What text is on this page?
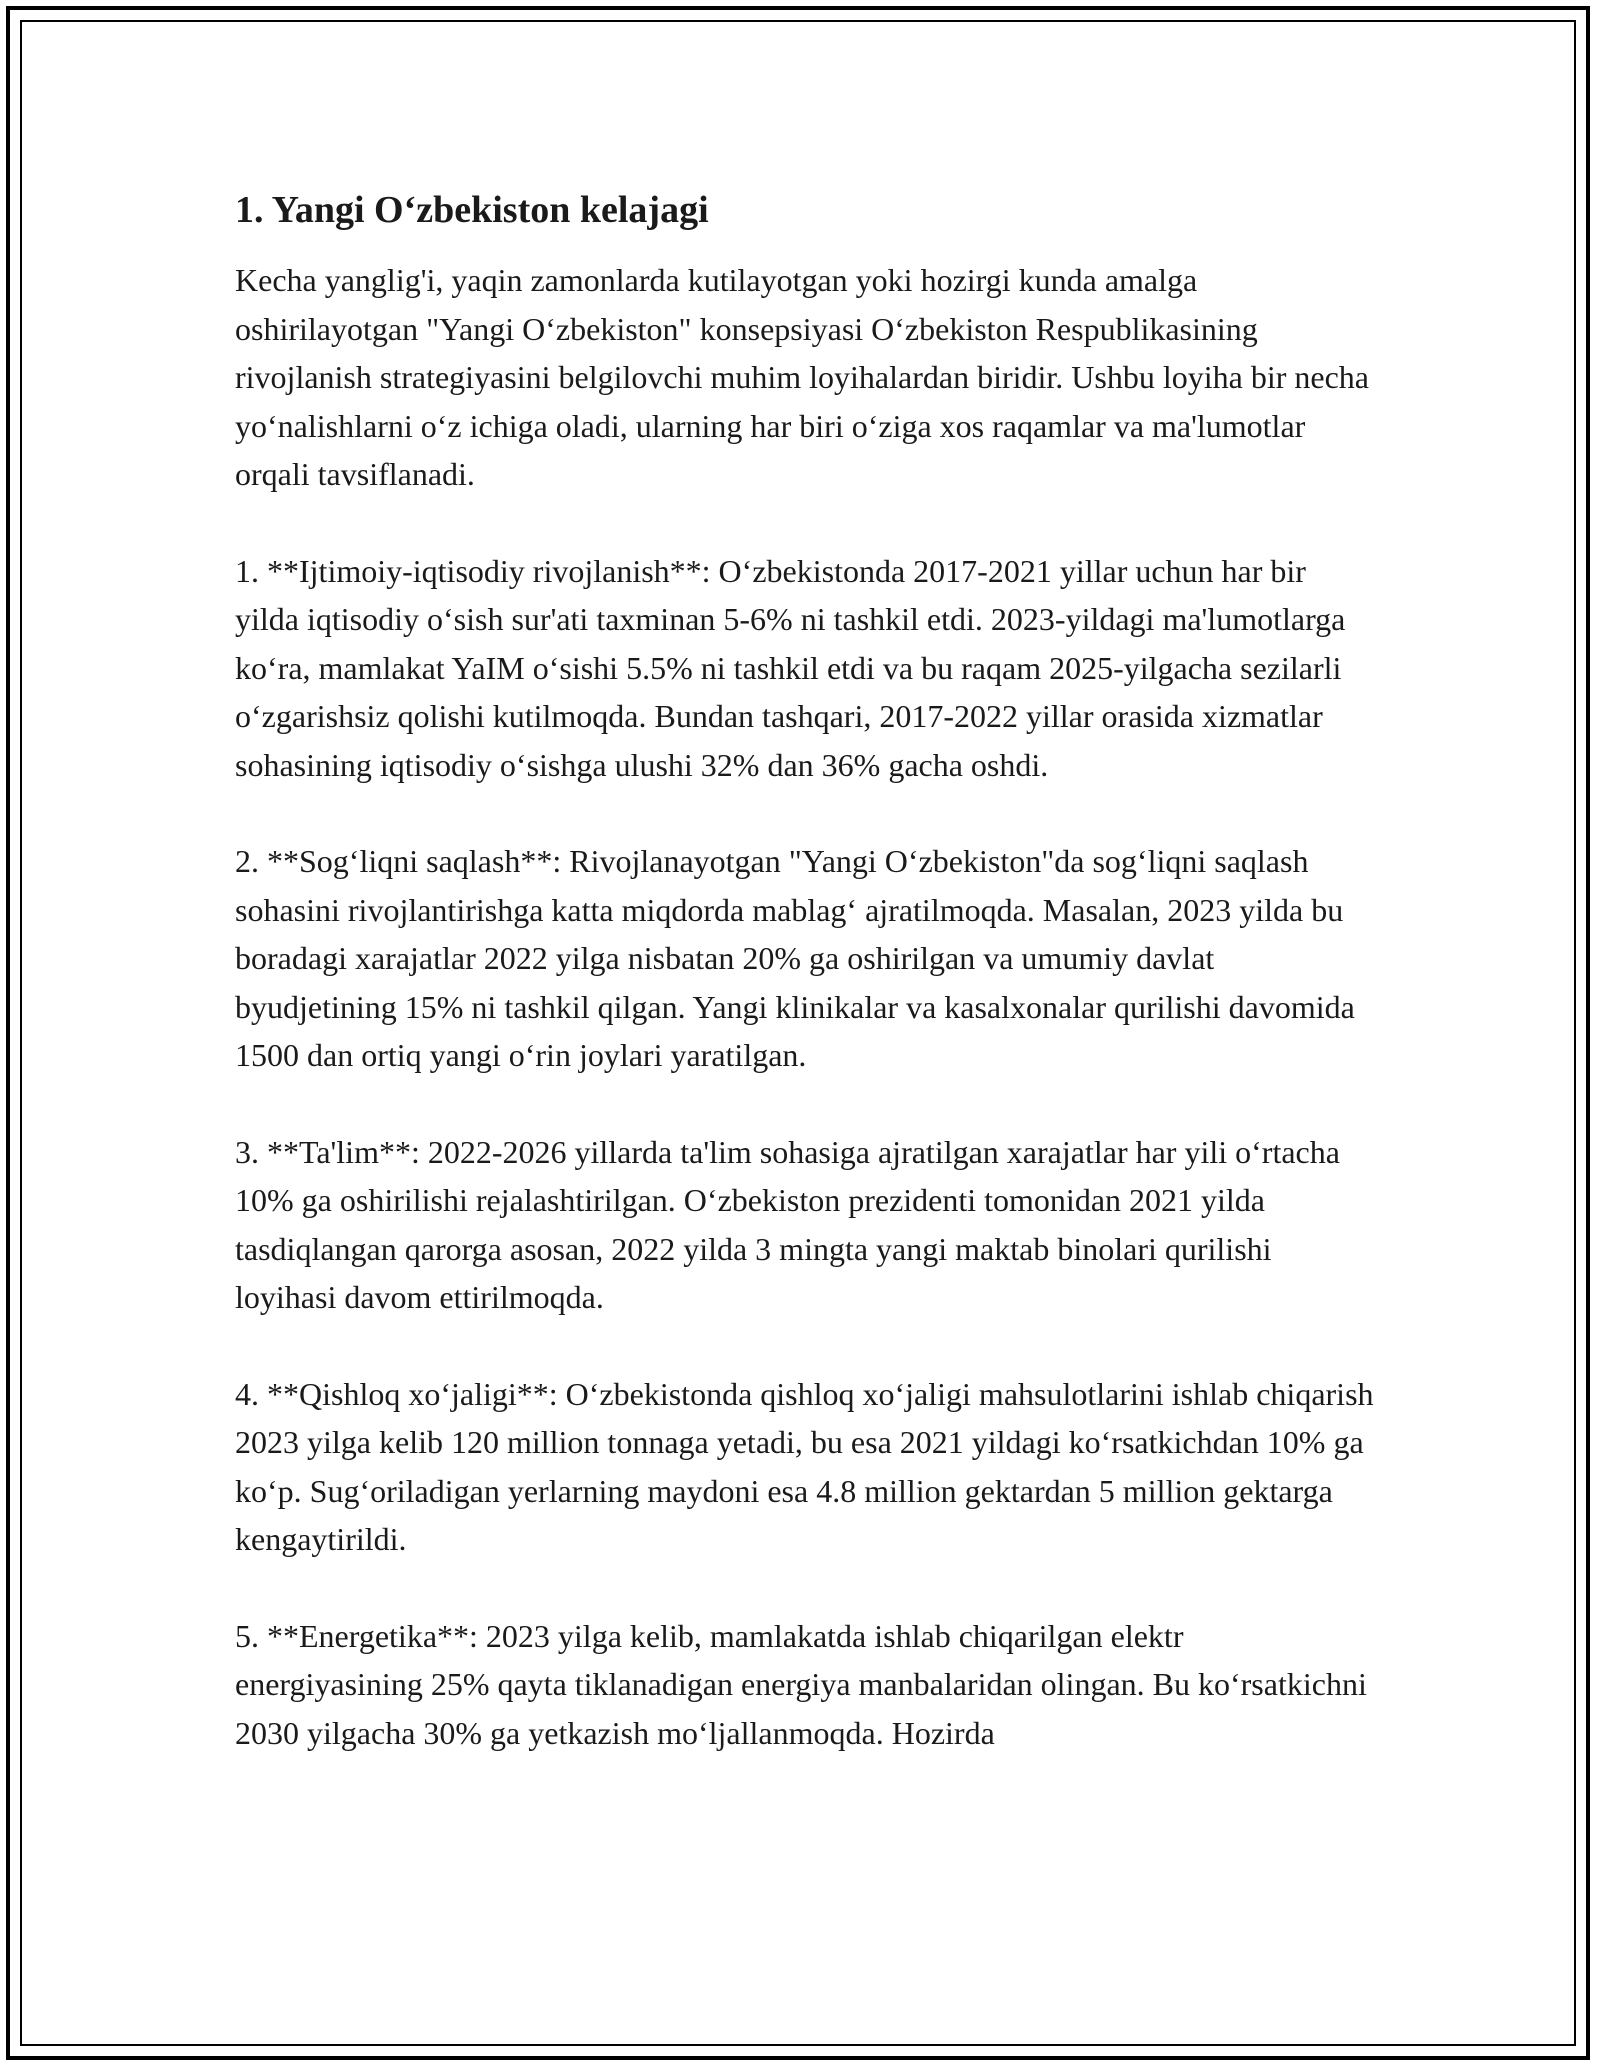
1. Yangi O‘zbekiston kelajagi

Kecha yanglig'i, yaqin zamonlarda kutilayotgan yoki hozirgi kunda amalga oshirilayotgan "Yangi O‘zbekiston" konsepsiyasi O‘zbekiston Respublikasining rivojlanish strategiyasini belgilovchi muhim loyihalardan biridir. Ushbu loyiha bir necha yo‘nalishlarni o‘z ichiga oladi, ularning har biri o‘ziga xos raqamlar va ma'lumotlar orqali tavsiflanadi.

1. **Ijtimoiy-iqtisodiy rivojlanish**: O‘zbekistonda 2017-2021 yillar uchun har bir yilda iqtisodiy o‘sish sur'ati taxminan 5-6% ni tashkil etdi. 2023-yildagi ma'lumotlarga ko‘ra, mamlakat YaIM o‘sishi 5.5% ni tashkil etdi va bu raqam 2025-yilgacha sezilarli o‘zgarishsiz qolishi kutilmoqda. Bundan tashqari, 2017-2022 yillar orasida xizmatlar sohasining iqtisodiy o‘sishga ulushi 32% dan 36% gacha oshdi.

2. **Sog‘liqni saqlash**: Rivojlanayotgan "Yangi O‘zbekiston"da sog‘liqni saqlash sohasini rivojlantirishga katta miqdorda mablag‘ ajratilmoqda. Masalan, 2023 yilda bu boradagi xarajatlar 2022 yilga nisbatan 20% ga oshirilgan va umumiy davlat byudjetining 15% ni tashkil qilgan. Yangi klinikalar va kasalxonalar qurilishi davomida 1500 dan ortiq yangi o‘rin joylari yaratilgan.

3. **Ta'lim**: 2022-2026 yillarda ta'lim sohasiga ajratilgan xarajatlar har yili o‘rtacha 10% ga oshirilishi rejalashtirilgan. O‘zbekiston prezidenti tomonidan 2021 yilda tasdiqlangan qarorga asosan, 2022 yilda 3 mingta yangi maktab binolari qurilishi loyihasi davom ettirilmoqda.

4. **Qishloq xo‘jaligi**: O‘zbekistonda qishloq xo‘jaligi mahsulotlarini ishlab chiqarish 2023 yilga kelib 120 million tonnaga yetadi, bu esa 2021 yildagi ko‘rsatkichdan 10% ga ko‘p. Sug‘oriladigan yerlarning maydoni esa 4.8 million gektardan 5 million gektarga kengaytirildi.

5. **Energetika**: 2023 yilga kelib, mamlakatda ishlab chiqarilgan elektr energiyasining 25% qayta tiklanadigan energiya manbalaridan olingan. Bu ko‘rsatkichni 2030 yilgacha 30% ga yetkazish mo‘ljallanmoqda. Hozirda
